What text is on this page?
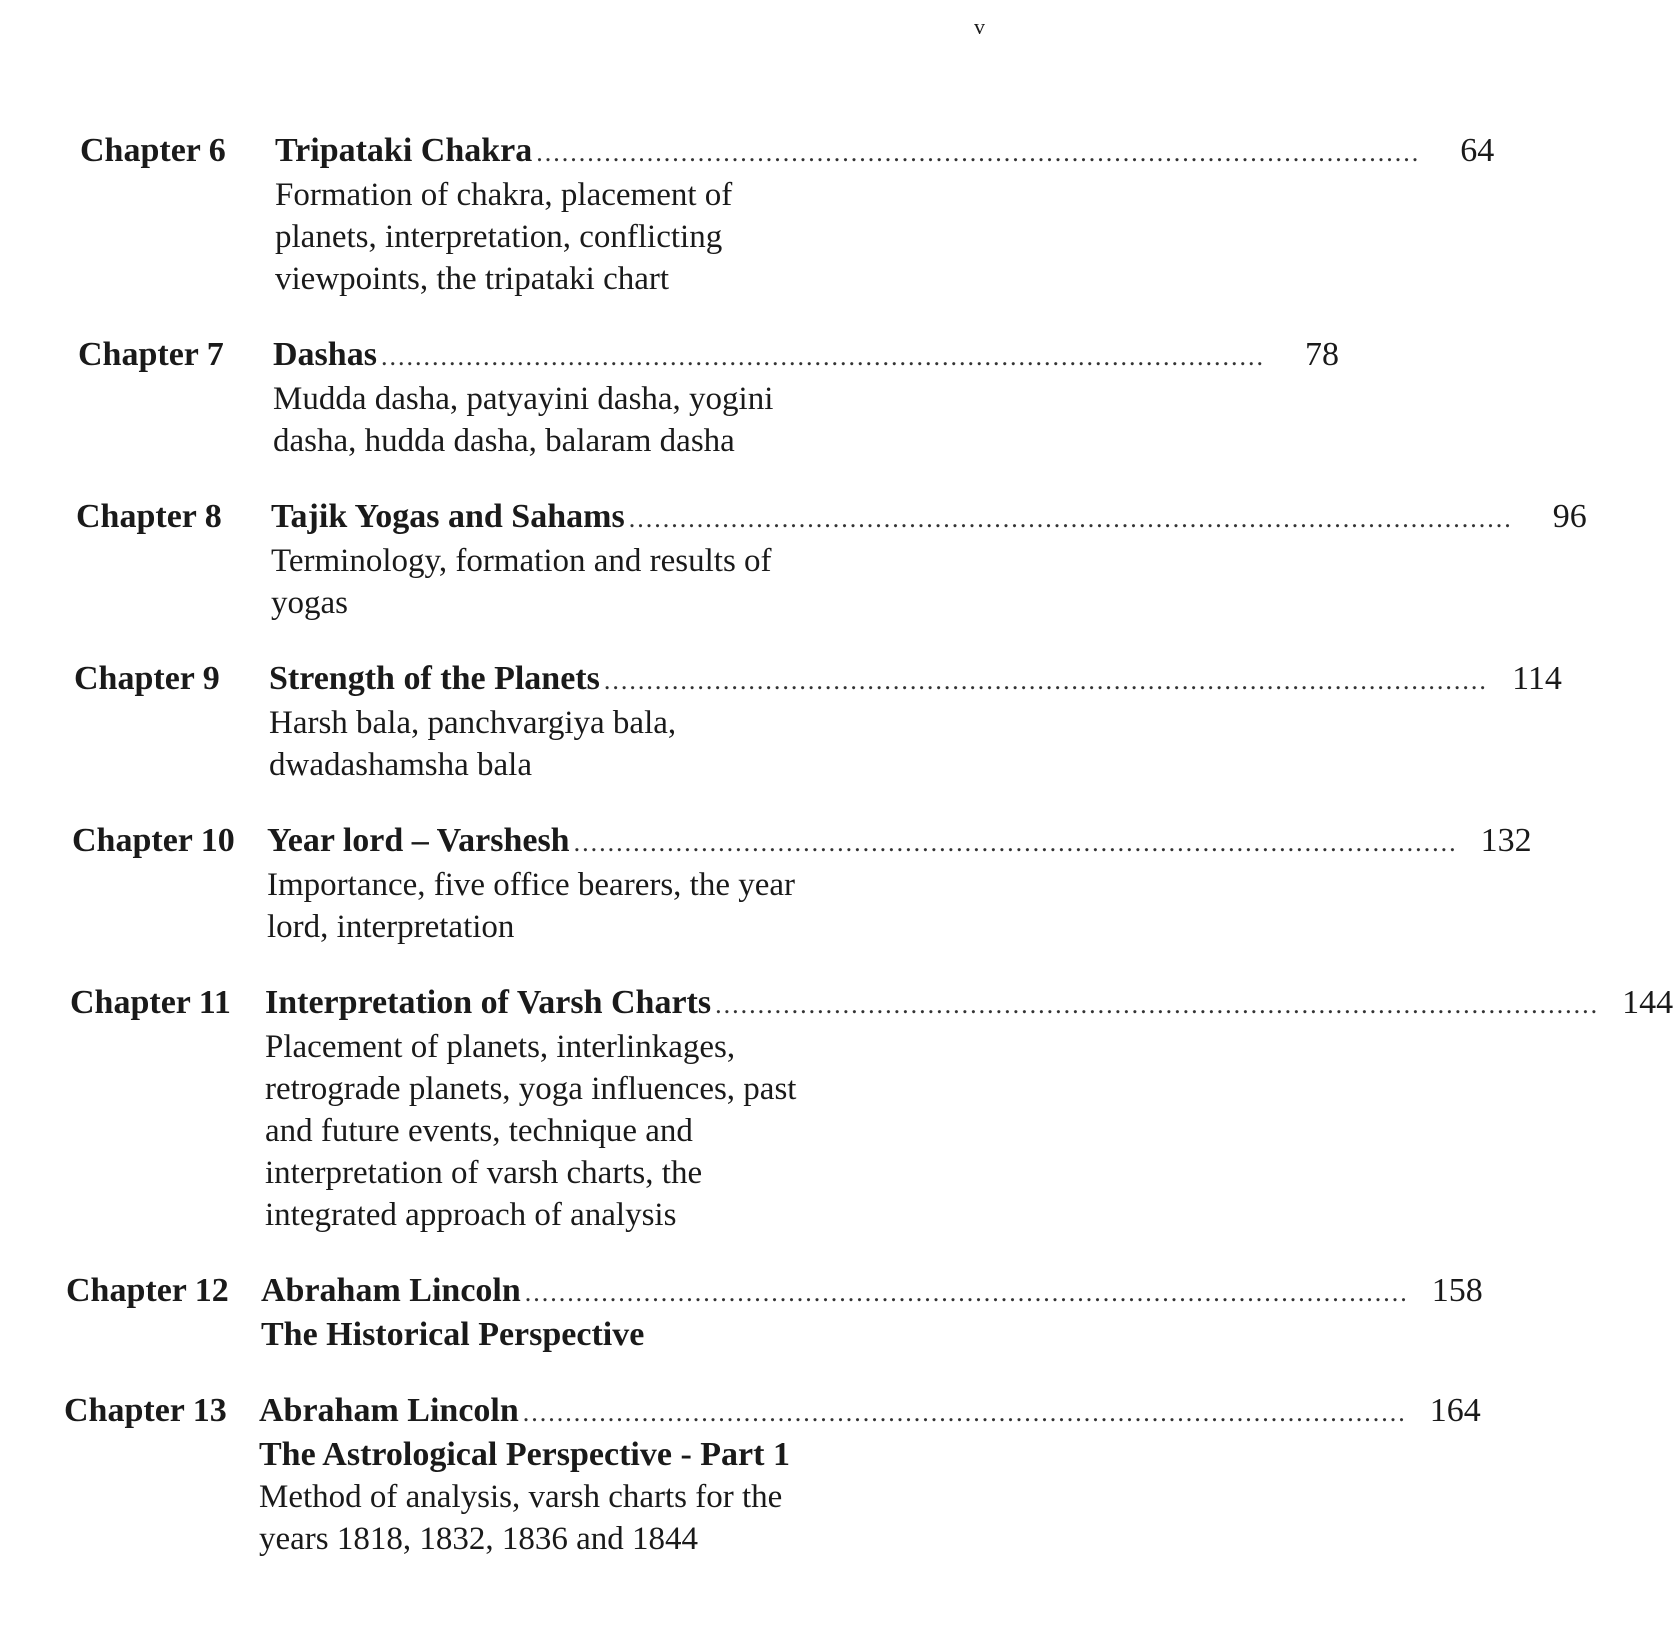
v
Chapter 6	Tripataki Chakra ........................................................................................................	64
Formation of chakra, placement of planets, interpretation, conflicting viewpoints, the tripataki chart
Chapter 7	Dashas ........................................................................................................	78
Mudda dasha, patyayini dasha, yogini dasha, hudda dasha, balaram dasha
Chapter 8	Tajik Yogas and Sahams ........................................................................................................	96
Terminology, formation and results of yogas
Chapter 9	Strength of the Planets ........................................................................................................ 114
Harsh bala, panchvargiya bala, dwadashamsha bala
Chapter 10 Year lord – Varshesh ........................................................................................................ 132
Importance, five office bearers, the year lord, interpretation
Chapter 11	Interpretation of Varsh Charts ........................................................................................................ 144
Placement of planets, interlinkages, retrograde planets, yoga influences, past and future events, technique and interpretation of varsh charts, the integrated approach of analysis
Chapter 12 Abraham Lincoln ........................................................................................................ 158
The Historical Perspective
Chapter 13 Abraham Lincoln ........................................................................................................ 164
The Astrological Perspective - Part 1
Method of analysis, varsh charts for the years 1818, 1832, 1836 and 1844
